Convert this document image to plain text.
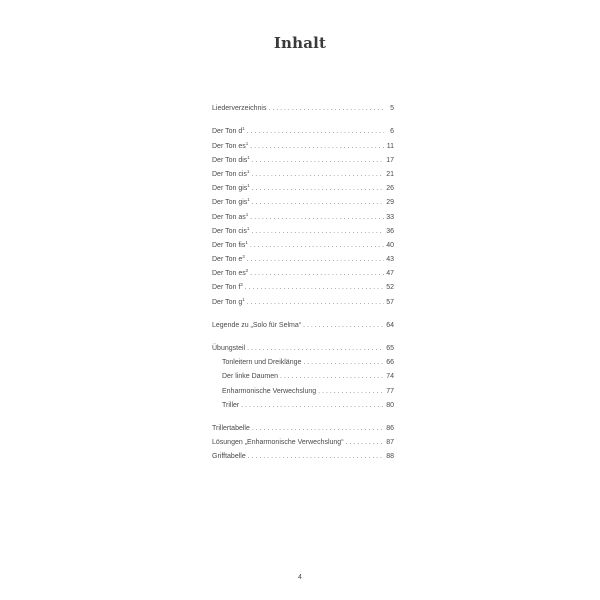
Inhalt
Liederverzeichnis . . .	5
Der Ton $d^1$ . . .	6
Der Ton $es^1$ . . .	11
Der Ton dis$^1$ . . .	17
Der Ton cis$^1$ . . .	21
Der Ton gis$^1$ . . .	26
Der Ton gis$^1$ . . .	29
Der Ton $as^1$ . . .	33
Der Ton cis$^1$ . . .	36
Der Ton fis$^1$ . . .	40
Der Ton $e^3$ . . .	43
Der Ton $es^2$ . . .	47
Der Ton $f^3$ . . .	52
Der Ton $g^1$ . . .	57
Legende zu „Solo für Selma“ . . .	64
Übungsteil . . .	65
Tonleitern und Dreiklänge . . .	66
Der linke Daumen . . .	74
Enharmonische Verwechslung . . .	77
Triller . . .	80
Trillertabelle . . .	86
Lösungen „Enharmonische Verwechslung“ . . .	87
Grifftabelle . . .	88
4
